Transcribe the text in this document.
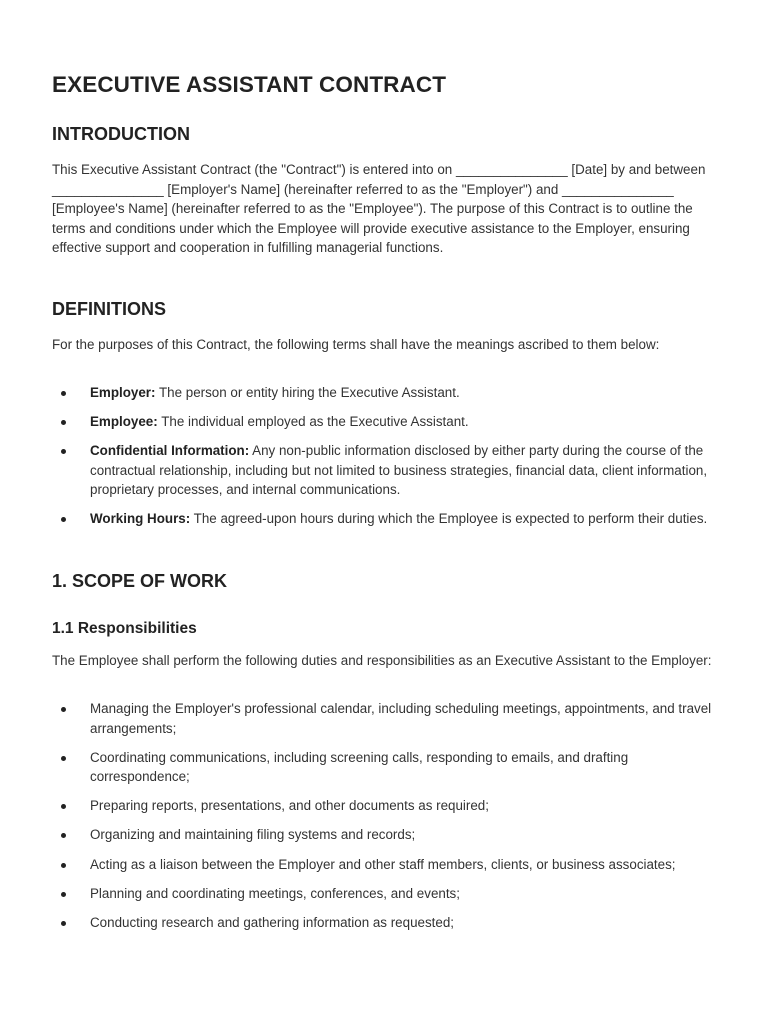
EXECUTIVE ASSISTANT CONTRACT
INTRODUCTION

This Executive Assistant Contract (the "Contract") is entered into on _______________ [Date] by and between _______________ [Employer's Name] (hereinafter referred to as the "Employer") and _______________ [Employee's Name] (hereinafter referred to as the "Employee"). The purpose of this Contract is to outline the terms and conditions under which the Employee will provide executive assistance to the Employer, ensuring effective support and cooperation in fulfilling managerial functions.

DEFINITIONS

For the purposes of this Contract, the following terms shall have the meanings ascribed to them below:

Employer: The person or entity hiring the Executive Assistant.
Employee: The individual employed as the Executive Assistant.
Confidential Information: Any non-public information disclosed by either party during the course of the contractual relationship, including but not limited to business strategies, financial data, client information, proprietary processes, and internal communications.
Working Hours: The agreed-upon hours during which the Employee is expected to perform their duties.
1. SCOPE OF WORK
1.1 Responsibilities

The Employee shall perform the following duties and responsibilities as an Executive Assistant to the Employer:

Managing the Employer's professional calendar, including scheduling meetings, appointments, and travel arrangements;
Coordinating communications, including screening calls, responding to emails, and drafting correspondence;
Preparing reports, presentations, and other documents as required;
Organizing and maintaining filing systems and records;
Acting as a liaison between the Employer and other staff members, clients, or business associates;
Planning and coordinating meetings, conferences, and events;
Conducting research and gathering information as requested;
